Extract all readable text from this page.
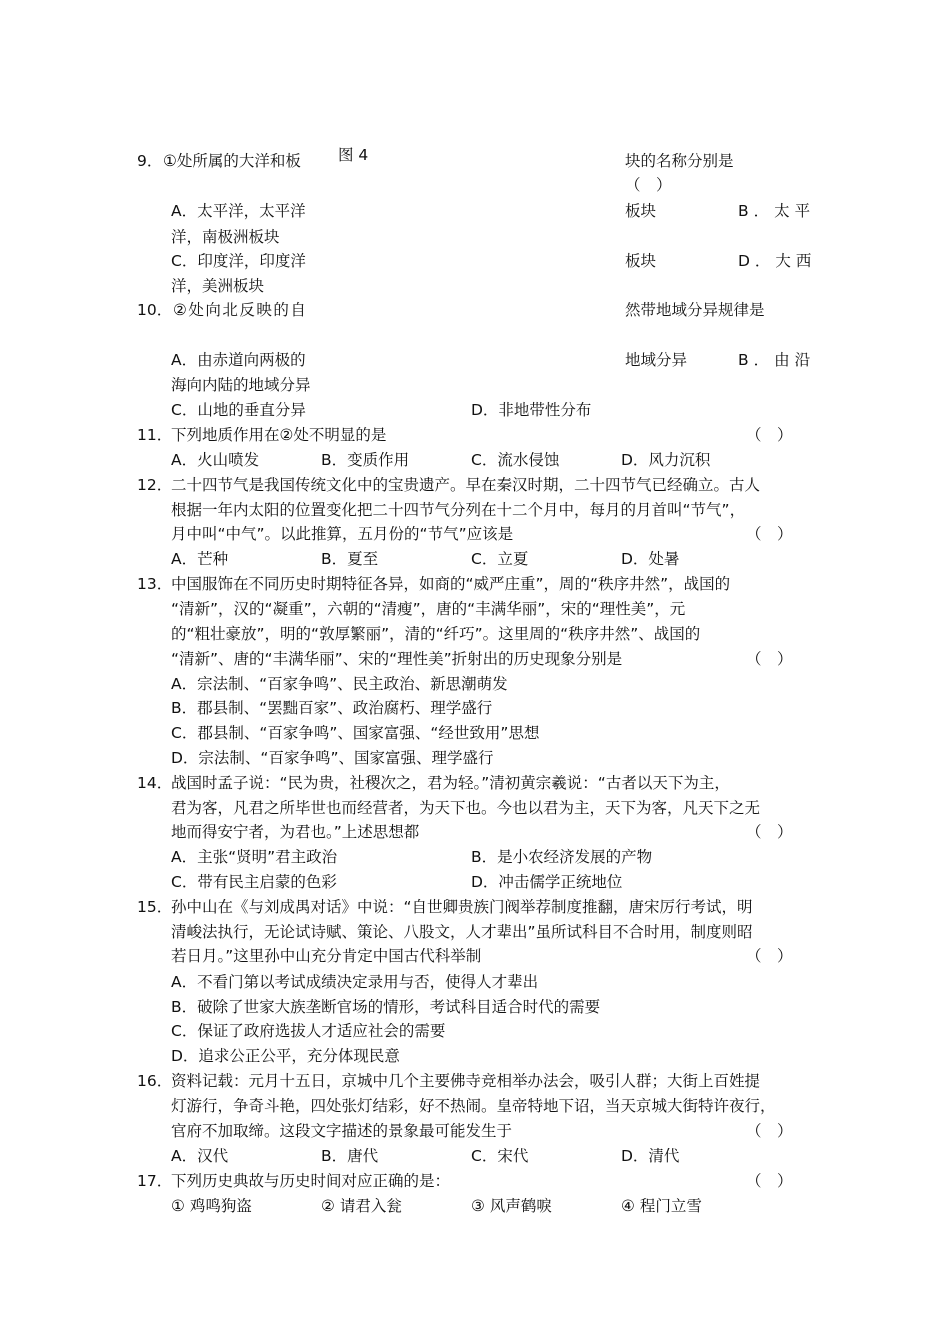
图 4
9． ①处所属的大洋和板	块的名称分别是
（　）
A．太平洋，太平洋	板块	B．太平
洋，南极洲板块
C．印度洋，印度洋	板块	D．大西
洋，美洲板块
10． ②处向北反映的自	然带地域分异规律是
A．由赤道向两极的	地域分异	B．由沿
海向内陆的地域分异
C．山地的垂直分异	D．非地带性分布
11．
下列地质作用在②处不明显的是	（　）
A．火山喷发	B．变质作用	C．流水侵蚀	D．风力沉积
12．
二十四节气是我国传统文化中的宝贵遗产。早在秦汉时期，二十四节气已经确立。古人
根据一年内太阳的位置变化把二十四节气分列在十二个月中，每月的月首叫“节气”，
月中叫“中气”。以此推算，五月份的“节气”应该是	（　）
A．芒种	B．夏至	C．立夏	D．处暑
13．
中国服饰在不同历史时期特征各异，如商的“威严庄重”，周的“秩序井然”，战国的
“清新”，汉的“凝重”，六朝的“清瘦”，唐的“丰满华丽”，宋的“理性美”，元
的“粗壮豪放”，明的“敦厚繁丽”，清的“纤巧”。这里周的“秩序井然”、战国的
“清新”、唐的“丰满华丽”、宋的“理性美”折射出的历史现象分别是	（　）
A．宗法制、“百家争鸣”、民主政治、新思潮萌发
B．郡县制、“罢黜百家”、政治腐朽、理学盛行
C．郡县制、“百家争鸣”、国家富强、“经世致用”思想
D．宗法制、“百家争鸣”、国家富强、理学盛行
14．
战国时孟子说：“民为贵，社稷次之，君为轻。”清初黄宗羲说：“古者以天下为主，
君为客，凡君之所毕世也而经营者，为天下也。今也以君为主，天下为客，凡天下之无
地而得安宁者，为君也。”上述思想都	（　）
A．主张“贤明”君主政治	B．是小农经济发展的产物
C．带有民主启蒙的色彩	D．冲击儒学正统地位
15．
孙中山在《与刘成禺对话》中说：“自世卿贵族门阀举荐制度推翻，唐宋厉行考试，明
清峻法执行，无论试诗赋、策论、八股文，人才辈出”虽所试科目不合时用，制度则昭
若日月。”这里孙中山充分肯定中国古代科举制	（　）
A．不看门第以考试成绩决定录用与否，使得人才辈出
B．破除了世家大族垄断官场的情形，考试科目适合时代的需要
C．保证了政府选拔人才适应社会的需要
D．追求公正公平，充分体现民意
16．
资料记载：元月十五日，京城中几个主要佛寺竞相举办法会，吸引人群；大街上百姓提
灯游行，争奇斗艳，四处张灯结彩，好不热闹。皇帝特地下诏，当天京城大街特许夜行，
官府不加取缔。这段文字描述的景象最可能发生于	（　）
A．汉代	B．唐代	C．宋代	D．清代
17．
下列历史典故与历史时间对应正确的是：	（　）
① 鸡鸣狗盗	② 请君入瓮	③ 风声鹤唳	④ 程门立雪
